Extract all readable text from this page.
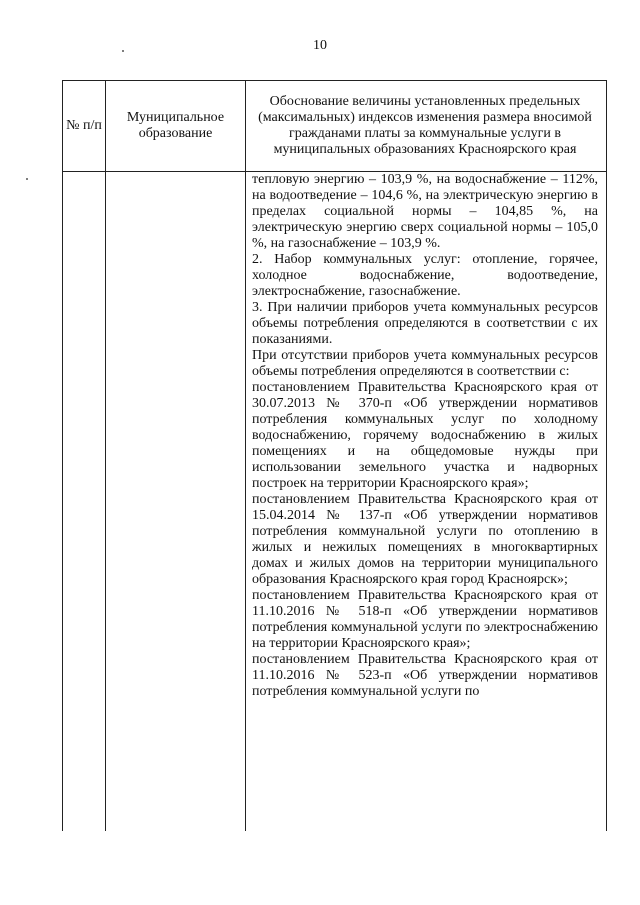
10
№ п/п
Муниципальное образование
Обоснование величины установленных предельных (максимальных) индексов изменения размера вносимой гражданами платы за коммунальные услуги в муниципальных образованиях Красноярского края

тепловую энергию – 103,9 %, на водоснабжение – 112%, на водоотведение – 104,6 %, на электрическую энергию в пределах социальной нормы – 104,85 %, на электрическую энергию сверх социальной нормы – 105,0 %, на газоснабжение – 103,9 %.

2. Набор коммунальных услуг: отопление, горячее, холодное водоснабжение, водоотведение, электроснабжение, газоснабжение.

3. При наличии приборов учета коммунальных ресурсов объемы потребления определяются в соответствии с их показаниями.

При отсутствии приборов учета коммунальных ресурсов объемы потребления определяются в соответствии с:

постановлением Правительства Красноярского края от 30.07.2013 № 370-п «Об утверждении нормативов потребления коммунальных услуг по холодному водоснабжению, горячему водоснабжению в жилых помещениях и на общедомовые нужды при использовании земельного участка и надворных построек на территории Красноярского края»;

постановлением Правительства Красноярского края от 15.04.2014 № 137-п «Об утверждении нормативов потребления коммунальной услуги по отоплению в жилых и нежилых помещениях в многоквартирных домах и жилых домов на территории муниципального образования Красноярского края город Красноярск»;

постановлением Правительства Красноярского края от 11.10.2016 № 518-п «Об утверждении нормативов потребления коммунальной услуги по электроснабжению на территории Красноярского края»;

постановлением Правительства Красноярского края от 11.10.2016 № 523-п «Об утверждении нормативов потребления коммунальной услуги по
